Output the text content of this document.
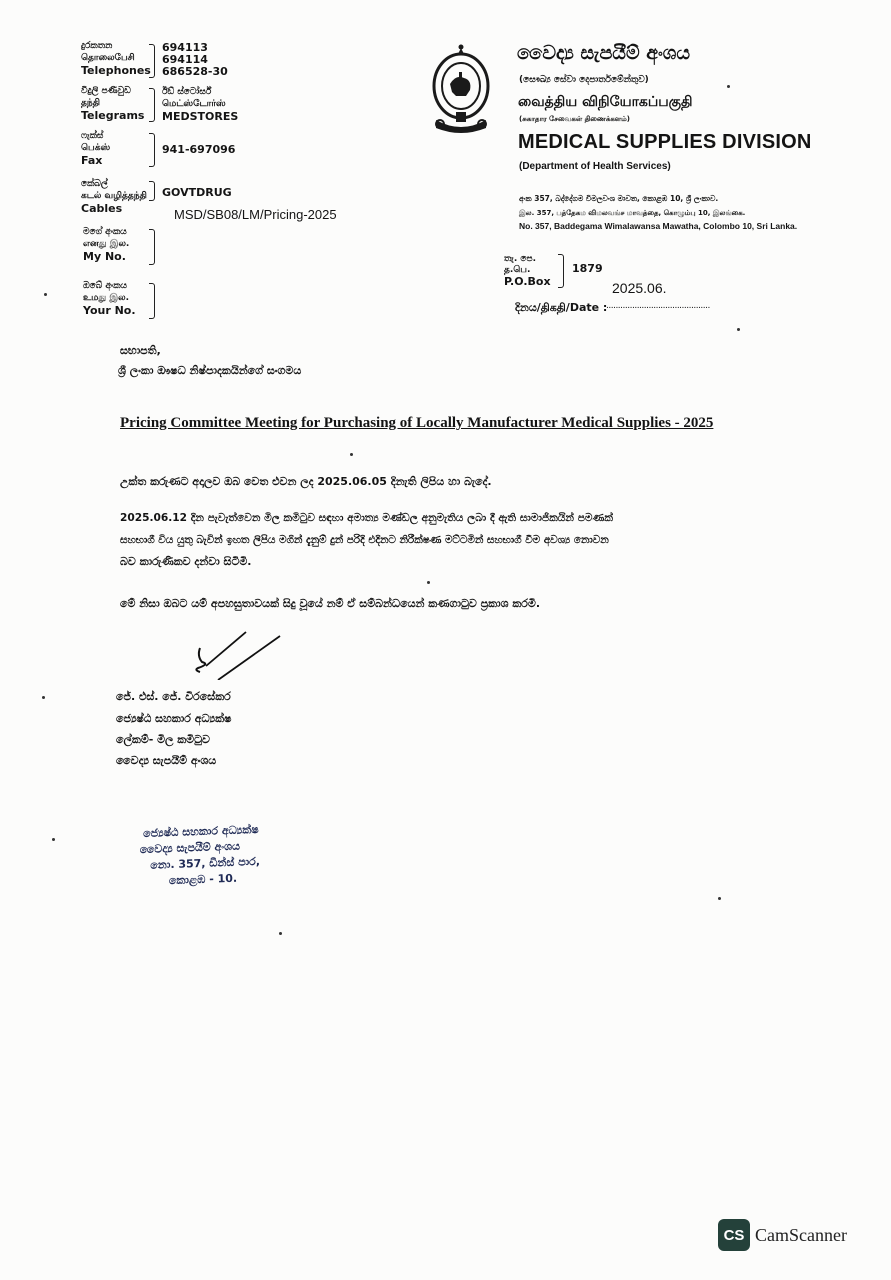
දුරකතන
தொலைபேசி
Telephones
694113
694114
686528-30
විදුලි පණිවුඩ
தந்தி
Telegrams
ඊඩ් ස්ටෝර්ස්
மெட்ஸ்டோர்ஸ்
MEDSTORES
ෆැක්ස්
பெக்ஸ்
Fax
941-697096
කේබල්
கடல் வழித்தந்தி
Cables
GOVTDRUG
මගේ අංකය
எனது இல.
My No.
MSD/SB08/LM/Pricing-2025
ඔබේ අංකය
உமது இல.
Your No.
වෛද්‍ය සැපයීම් අංශය
(සෞඛ්‍ය සේවා දෙපාර්තමේන්තුව)
வைத்திய விநியோகப்பகுதி
(சுகாதார சேவைகள் திணைக்களம்)
MEDICAL SUPPLIES DIVISION
(Department of Health Services)
අංක 357, බද්දේගම විමලවංශ මාවත, කොළඹ 10, ශ්‍රී ලංකාව.
இல. 357, பத்தேகம விமலவங்ச மாவத்தை, கொழும்பு 10, இலங்கை.
No. 357, Baddegama Wimalawansa Mawatha, Colombo 10, Sri Lanka.
තැ. පෙ.
த.பெ.
P.O.Box
1879
2025.06.
දිනය/திகதி/Date :
............................................
සභාපති,
ශ්‍රී ලංකා ඖෂධ නිෂ්පාදකයින්ගේ සංගමය
Pricing Committee Meeting for Purchasing of Locally Manufacturer Medical Supplies - 2025
උක්ත කරුණට අදාලව ඔබ වෙත එවන ලද 2025.06.05 දිනැති ලිපිය හා බැදේ.
2025.06.12 දින පැවැත්වෙන මිල කමිටුව සඳහා අමාත්‍ය මණ්ඩල අනුමැතිය ලබා දී ඇති සාමාජිකයින් පමණක්
සහභාගී විය යුතු බැවින් ඉහත ලිපිය මගින් දැනුම් දුන් පරිදි එදිනට නිරීක්ෂණ මට්ටමින් සහභාගී වීම අවශ්‍ය නොවන
බව කාරුණිකව දන්වා සිටිමි.
මේ නිසා ඔබට යම් අපහසුතාවයක් සිදු වූයේ නම් ඒ සම්බන්ධයෙන් කණගාටුව ප්‍රකාශ කරමි.
ජේ. එස්. ජේ. වීරසේකර
ජ්‍යෙෂ්ඨ සහකාර අධ්‍යක්ෂ
ලේකම්- මිල කමිටුව
වෛද්‍ය සැපයීම් අංශය
ජ්‍යෙෂ්ඨ සහකාර අධ්‍යක්ෂ
වෛද්‍ය සැපයීම් අංශය
නො. 357, ඩීන්ස් පාර,
කොළඹ - 10.
CS CamScanner
